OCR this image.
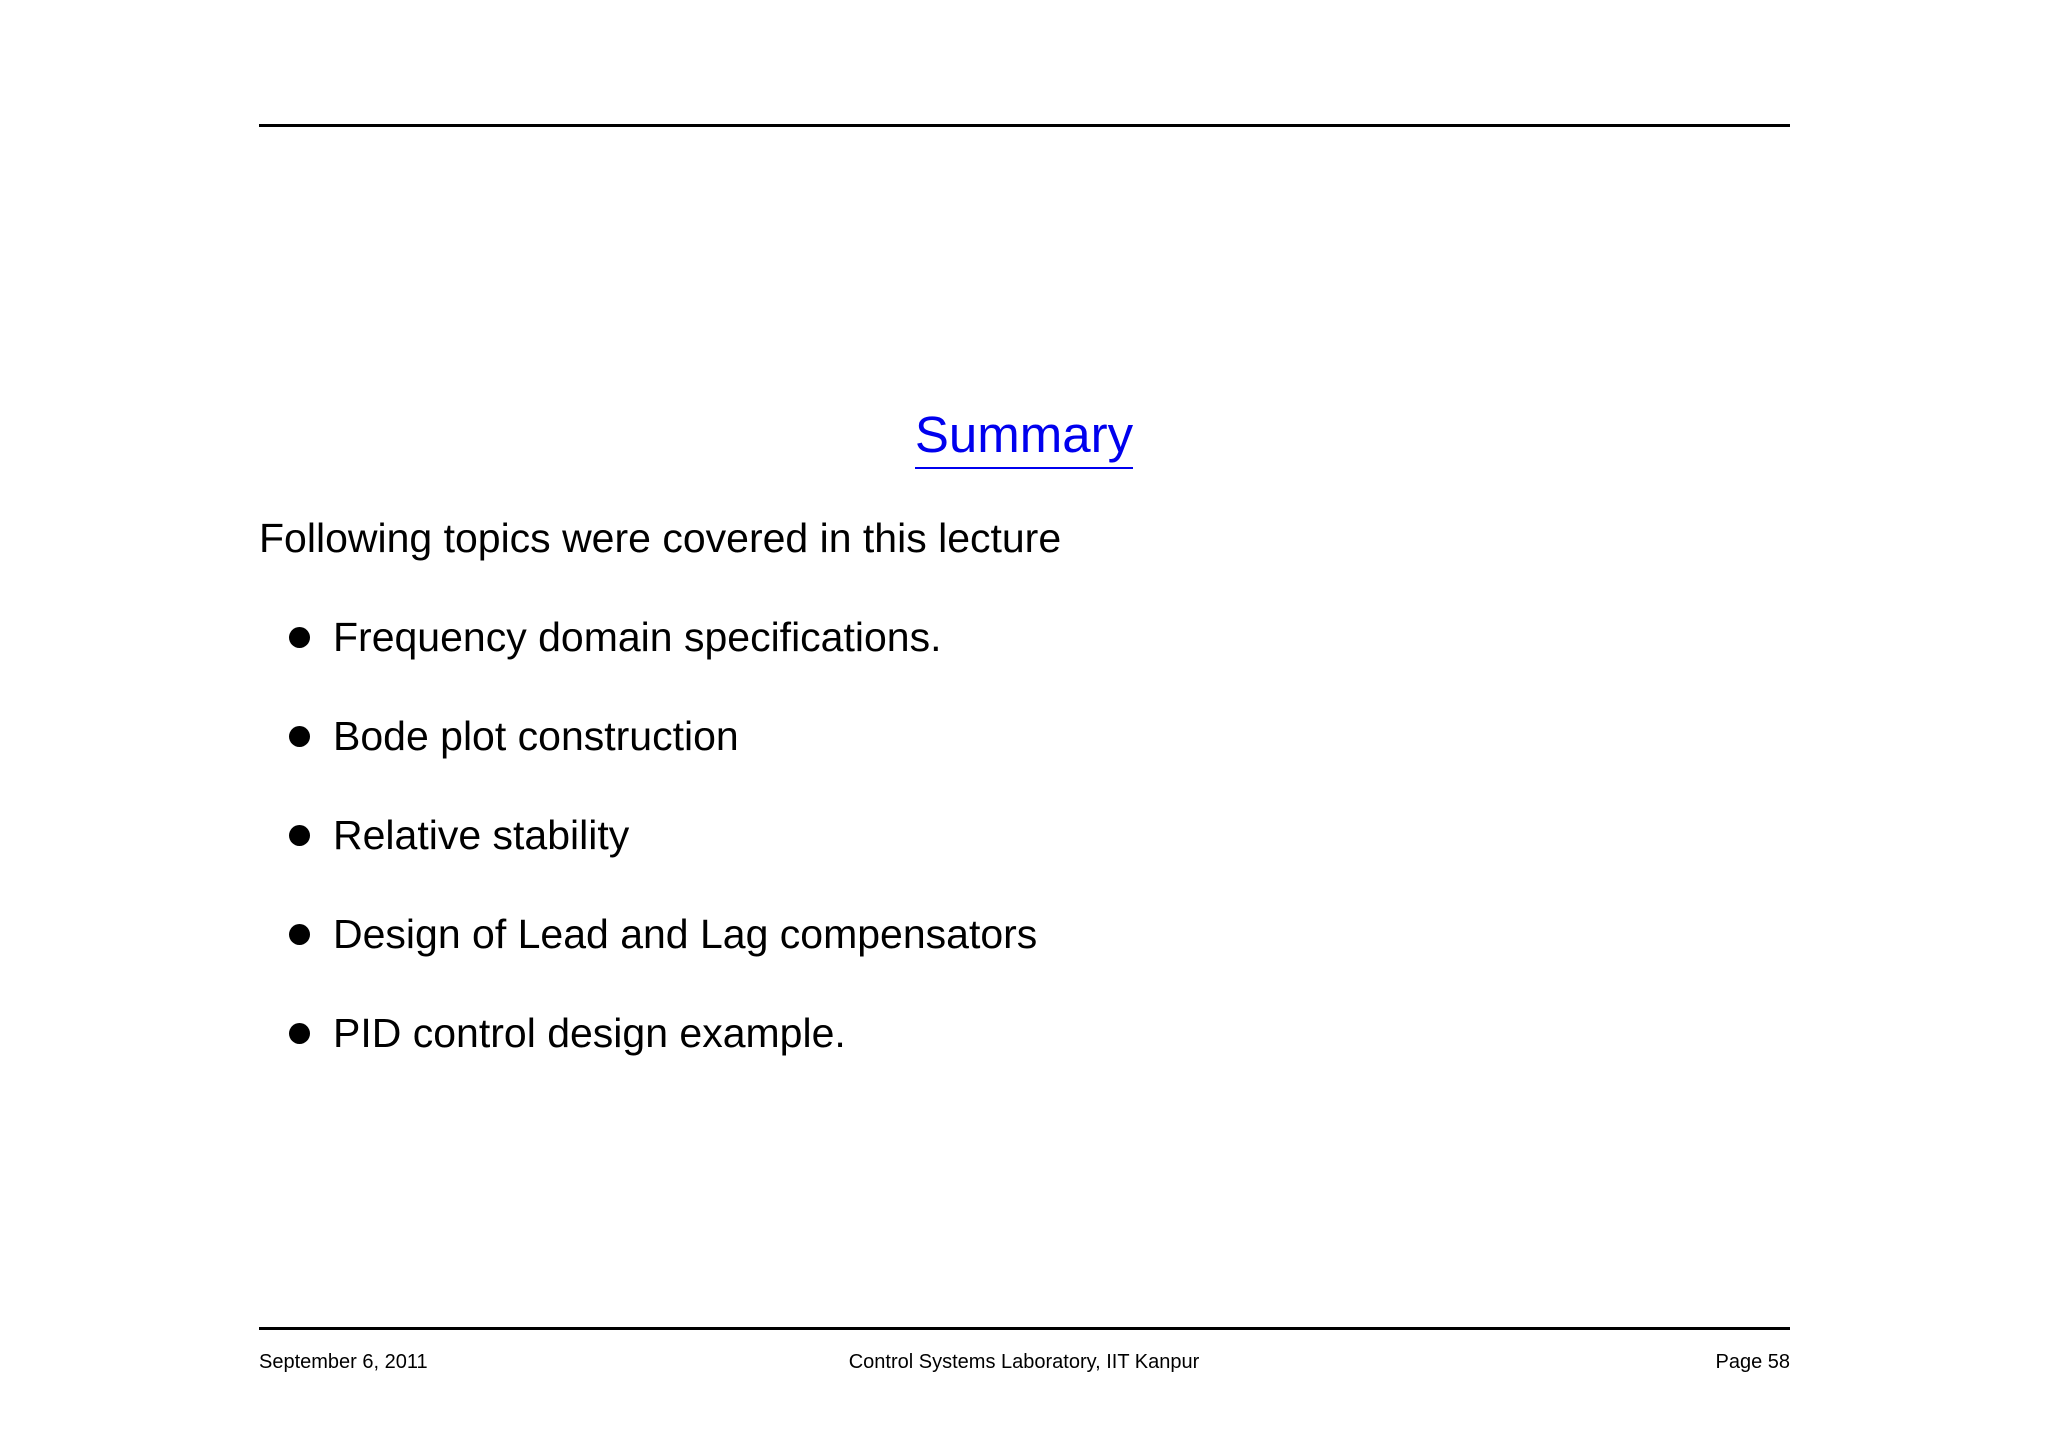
Summary
Following topics were covered in this lecture
Frequency domain specifications.
Bode plot construction
Relative stability
Design of Lead and Lag compensators
PID control design example.
September 6, 2011	Control Systems Laboratory, IIT Kanpur	Page 58
